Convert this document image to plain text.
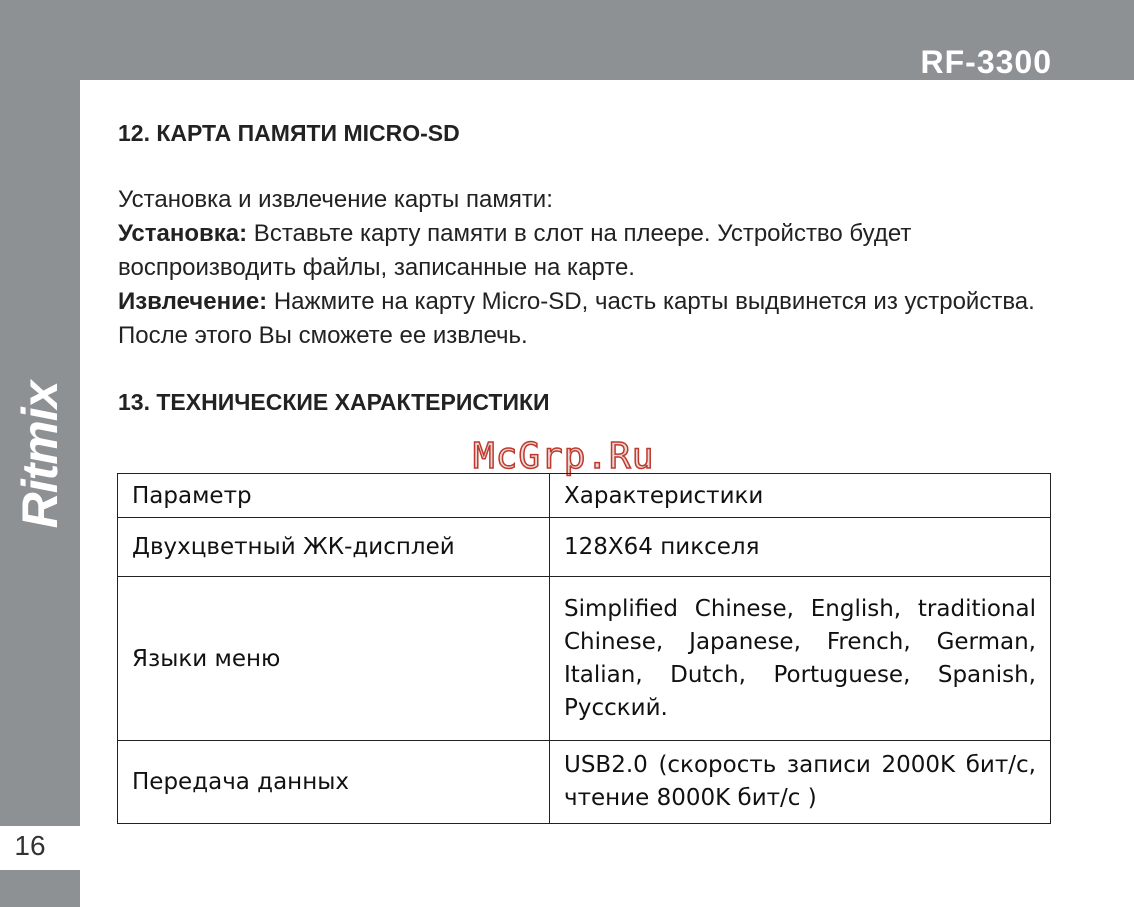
RF-3300
Ritmix
16
12. КАРТА ПАМЯТИ MICRO-SD
Установка и извлечение карты памяти:
Установка: Вставьте карту памяти в слот на плеере. Устройство будет воспроизводить файлы, записанные на карте.
Извлечение: Нажмите на карту Micro-SD, часть карты выдвинется из устройства. После этого Вы сможете ее извлечь.
13. ТЕХНИЧЕСКИЕ ХАРАКТЕРИСТИКИ
McGrp.Ru
Параметр	Характеристики
Двухцветный ЖК-дисплей	128X64 пикселя
Языки меню	Simplified Chinese, English, traditional Chinese, Japanese, French, German, Italian, Dutch, Portuguese, Spanish, Русский.
Передача данных	USB2.0 (скорость записи 2000K бит/с, чтение 8000K бит/с )
